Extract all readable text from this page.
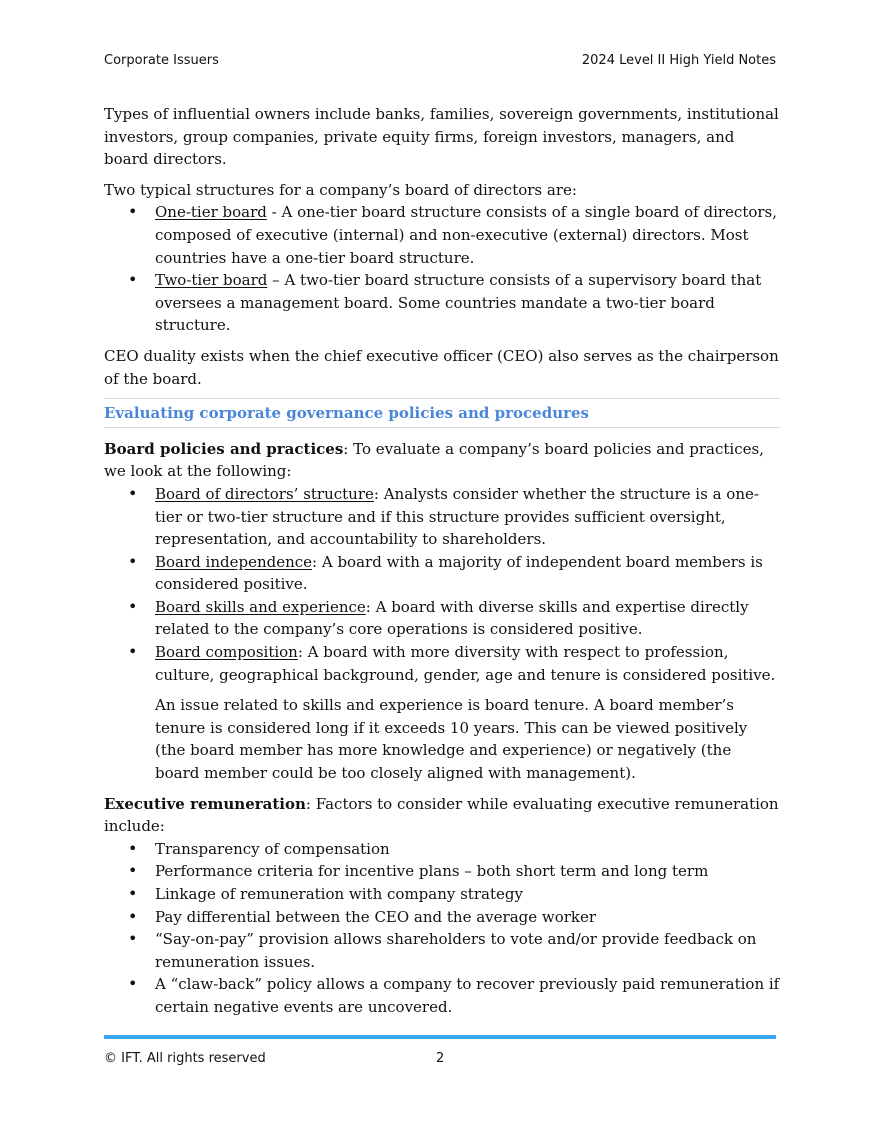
Corporate Issuers	2024 Level II High Yield Notes

Types of influential owners include banks, families, sovereign governments, institutional investors, group companies, private equity firms, foreign investors, managers, and board directors.

Two typical structures for a company’s board of directors are:

• One-tier board - A one-tier board structure consists of a single board of directors, composed of executive (internal) and non-executive (external) directors. Most countries have a one-tier board structure.
• Two-tier board – A two-tier board structure consists of a supervisory board that oversees a management board. Some countries mandate a two-tier board structure.

CEO duality exists when the chief executive officer (CEO) also serves as the chairperson of the board.

Evaluating corporate governance policies and procedures

Board policies and practices: To evaluate a company’s board policies and practices, we look at the following:

• Board of directors’ structure: Analysts consider whether the structure is a one-tier or two-tier structure and if this structure provides sufficient oversight, representation, and accountability to shareholders.
• Board independence: A board with a majority of independent board members is considered positive.
• Board skills and experience: A board with diverse skills and expertise directly related to the company’s core operations is considered positive.
• Board composition: A board with more diversity with respect to profession, culture, geographical background, gender, age and tenure is considered positive.

An issue related to skills and experience is board tenure. A board member’s tenure is considered long if it exceeds 10 years. This can be viewed positively (the board member has more knowledge and experience) or negatively (the board member could be too closely aligned with management).

Executive remuneration: Factors to consider while evaluating executive remuneration include:

• Transparency of compensation
• Performance criteria for incentive plans – both short term and long term
• Linkage of remuneration with company strategy
• Pay differential between the CEO and the average worker
• “Say-on-pay” provision allows shareholders to vote and/or provide feedback on remuneration issues.
• A “claw-back” policy allows a company to recover previously paid remuneration if certain negative events are uncovered.
© IFT. All rights reserved	2
